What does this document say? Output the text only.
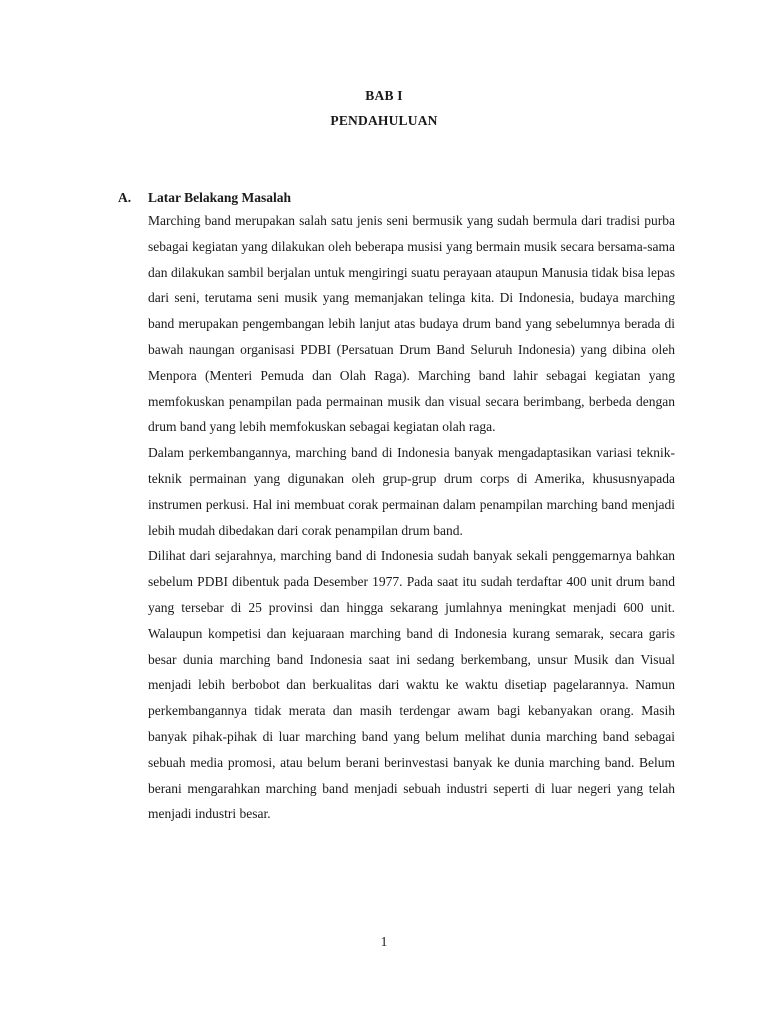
BAB I
PENDAHULUAN
A. Latar Belakang Masalah

Marching band merupakan salah satu jenis seni bermusik yang sudah bermula dari tradisi purba sebagai kegiatan yang dilakukan oleh beberapa musisi yang bermain musik secara bersama-sama dan dilakukan sambil berjalan untuk mengiringi suatu perayaan ataupun Manusia tidak bisa lepas dari seni, terutama seni musik yang memanjakan telinga kita. Di Indonesia, budaya marching band merupakan pengembangan lebih lanjut atas budaya drum band yang sebelumnya berada di bawah naungan organisasi PDBI (Persatuan Drum Band Seluruh Indonesia) yang dibina oleh Menpora (Menteri Pemuda dan Olah Raga). Marching band lahir sebagai kegiatan yang memfokuskan penampilan pada permainan musik dan visual secara berimbang, berbeda dengan drum band yang lebih memfokuskan sebagai kegiatan olah raga.

Dalam perkembangannya, marching band di Indonesia banyak mengadaptasikan variasi teknik-teknik permainan yang digunakan oleh grup-grup drum corps di Amerika, khususnyapada instrumen perkusi. Hal ini membuat corak permainan dalam penampilan marching band menjadi lebih mudah dibedakan dari corak penampilan drum band.

Dilihat dari sejarahnya, marching band di Indonesia sudah banyak sekali penggemarnya bahkan sebelum PDBI dibentuk pada Desember 1977. Pada saat itu sudah terdaftar 400 unit drum band yang tersebar di 25 provinsi dan hingga sekarang jumlahnya meningkat menjadi 600 unit. Walaupun kompetisi dan kejuaraan marching band di Indonesia kurang semarak, secara garis besar dunia marching band Indonesia saat ini sedang berkembang, unsur Musik dan Visual menjadi lebih berbobot dan berkualitas dari waktu ke waktu disetiap pagelarannya. Namun perkembangannya tidak merata dan masih terdengar awam bagi kebanyakan orang. Masih banyak pihak-pihak di luar marching band yang belum melihat dunia marching band sebagai sebuah media promosi, atau belum berani berinvestasi banyak ke dunia marching band. Belum berani mengarahkan marching band menjadi sebuah industri seperti di luar negeri yang telah menjadi industri besar.

1
